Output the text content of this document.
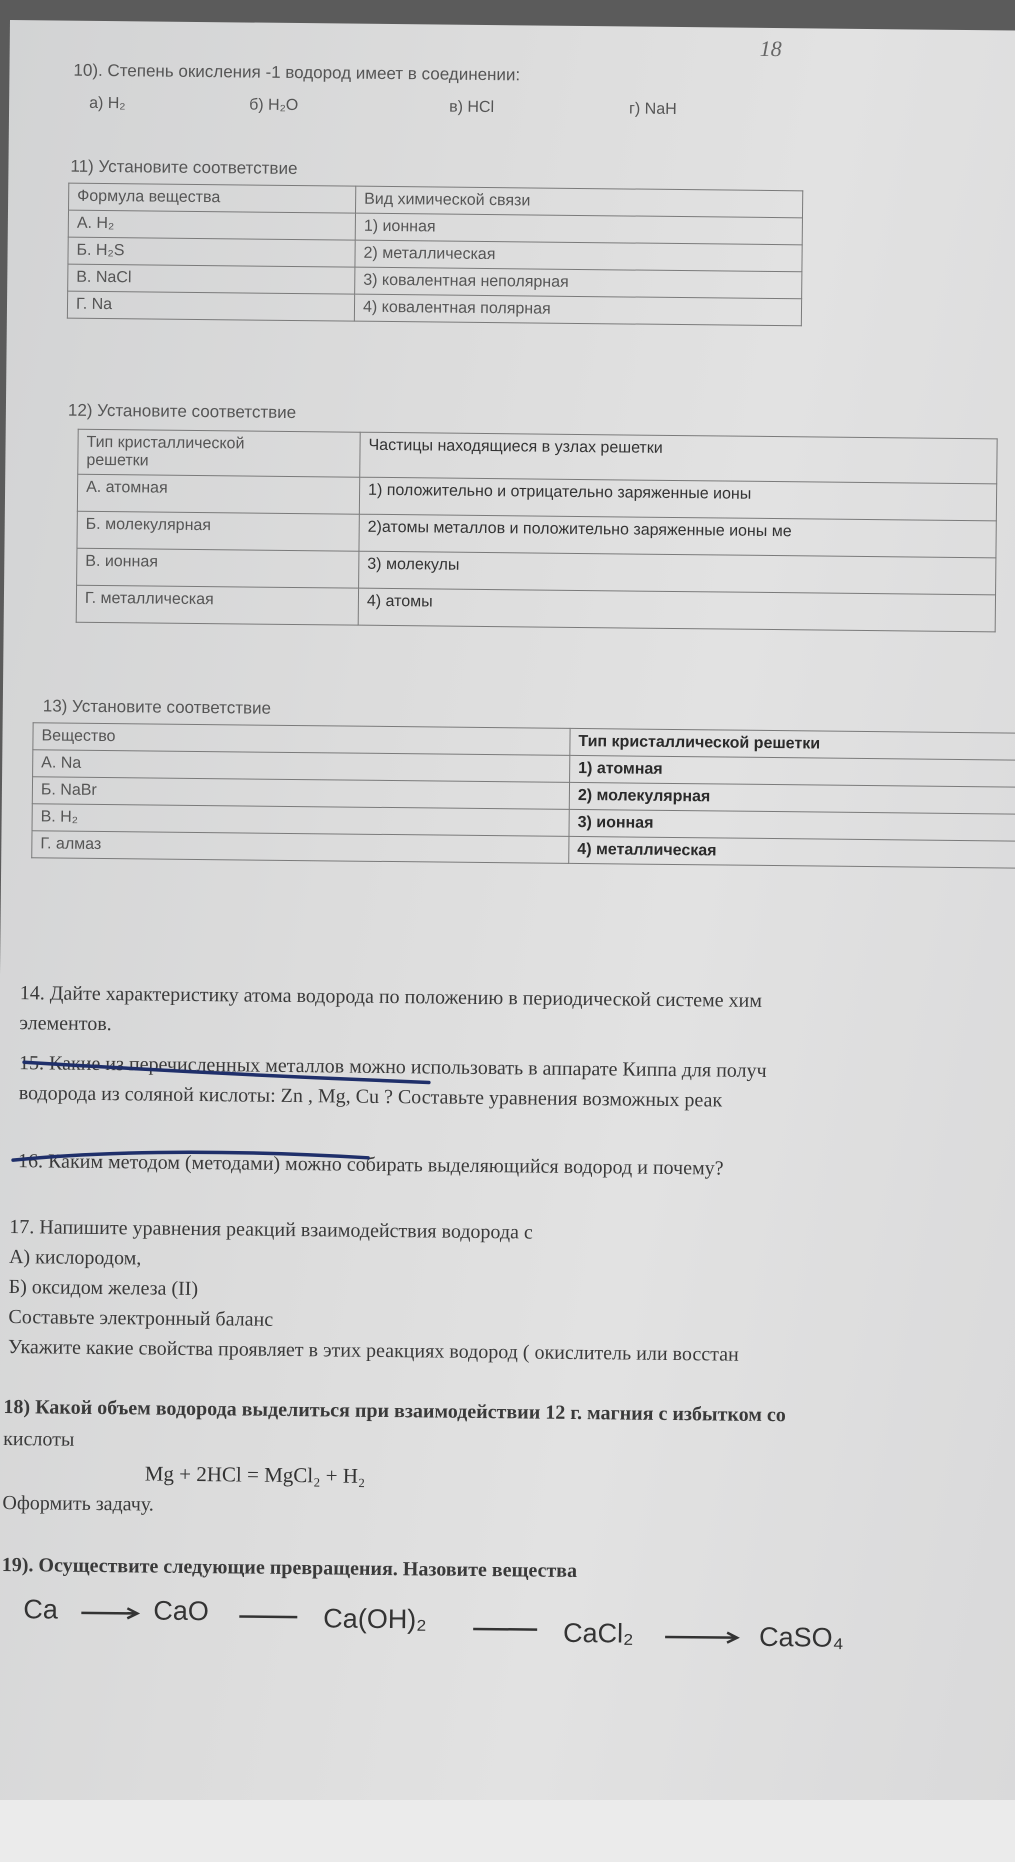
18
10). Степень окисления -1 водород имеет в соединении:
а) H₂	б) H₂O	в) HCl	г) NaH
11) Установите соответствие
Формула вещества	Вид химической связи
А. H₂	1) ионная
Б. H₂S	2) металлическая
В. NaCl	3) ковалентная неполярная
Г. Na	4) ковалентная полярная
12) Установите соответствие
Тип кристаллической
решетки	Частицы находящиеся в узлах решетки
А. атомная	1) положительно и отрицательно заряженные ионы
Б. молекулярная	2)атомы металлов и положительно заряженные ионы ме
В. ионная	3) молекулы
Г. металлическая	4) атомы
13) Установите соответствие
Вещество	Тип кристаллической решетки
А. Na	1) атомная
Б. NaBr	2) молекулярная
В. H₂	3) ионная
Г. алмаз	4) металлическая
14. Дайте характеристику атома водорода по положению в периодической системе хим
элементов.
15. Какие из перечисленных металлов можно использовать в аппарате Киппа для получ
водорода из соляной кислоты: Zn , Mg, Cu ? Составьте уравнения возможных реак
16. Каким методом (методами) можно собирать выделяющийся водород и почему?
17. Напишите уравнения реакций взаимодействия водорода с
А) кислородом,
Б) оксидом железа (II)
Составьте электронный баланс
Укажите какие свойства проявляет в этих реакциях водород ( окислитель или восстан
18) Какой объем водорода выделиться при взаимодействии 12 г. магния с избытком со
кислоты
Mg + 2HCl = MgCl₂ + H₂
Оформить задачу.
19). Осуществите следующие превращения. Назовите вещества
Ca	CaO	Ca(OH)₂	CaCl₂	CaSO₄
